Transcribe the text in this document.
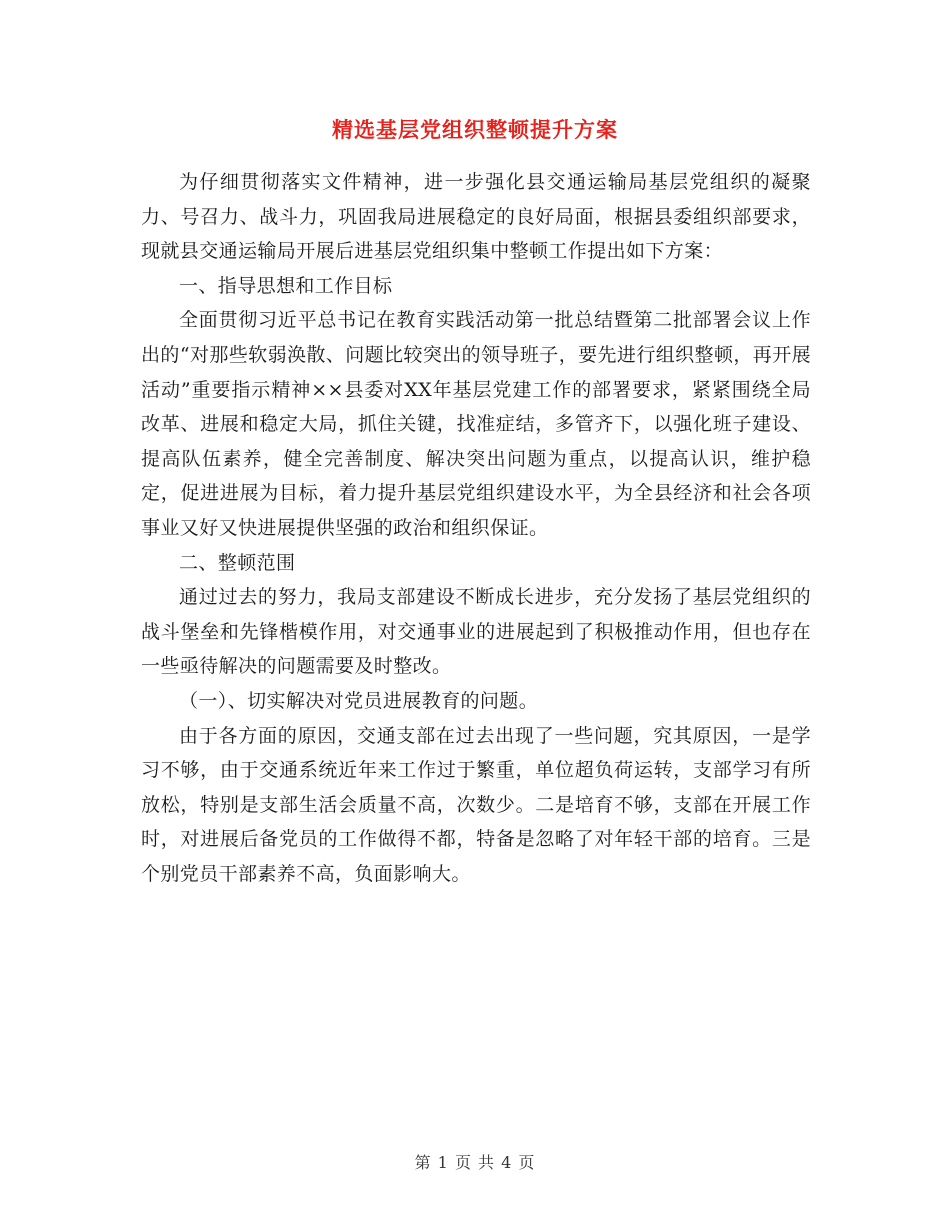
精选基层党组织整顿提升方案

为仔细贯彻落实文件精神，进一步强化县交通运输局基层党组织的凝聚力、号召力、战斗力，巩固我局进展稳定的良好局面，根据县委组织部要求，现就县交通运输局开展后进基层党组织集中整顿工作提出如下方案：

一、指导思想和工作目标

全面贯彻习近平总书记在教育实践活动第一批总结暨第二批部署会议上作出的“对那些软弱涣散、问题比较突出的领导班子，要先进行组织整顿，再开展活动”重要指示精神××县委对XX年基层党建工作的部署要求，紧紧围绕全局改革、进展和稳定大局，抓住关键，找准症结，多管齐下，以强化班子建设、提高队伍素养，健全完善制度、解决突出问题为重点，以提高认识，维护稳定，促进进展为目标，着力提升基层党组织建设水平，为全县经济和社会各项事业又好又快进展提供坚强的政治和组织保证。

二、整顿范围

通过过去的努力，我局支部建设不断成长进步，充分发扬了基层党组织的战斗堡垒和先锋楷模作用，对交通事业的进展起到了积极推动作用，但也存在一些亟待解决的问题需要及时整改。

（一）、切实解决对党员进展教育的问题。

由于各方面的原因，交通支部在过去出现了一些问题，究其原因，一是学习不够，由于交通系统近年来工作过于繁重，单位超负荷运转，支部学习有所放松，特别是支部生活会质量不高，次数少。二是培育不够，支部在开展工作时，对进展后备党员的工作做得不都，特备是忽略了对年轻干部的培育。三是个别党员干部素养不高，负面影响大。

第 1 页 共 4 页
